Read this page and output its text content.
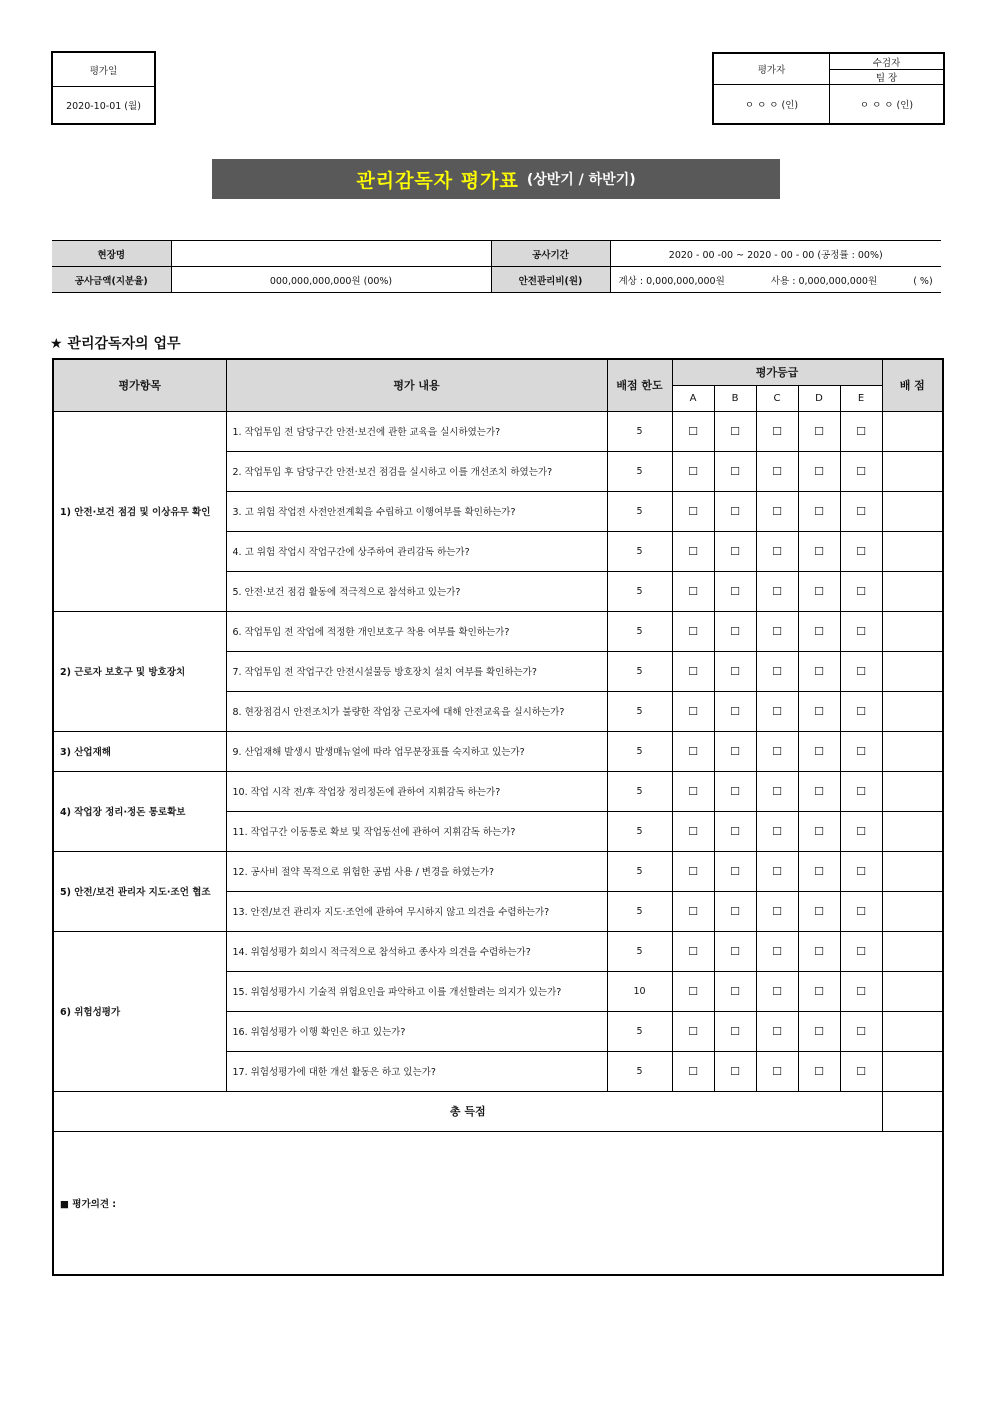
평가일
2020-10-01 (월)
평가자	수검자
	팀 장
ㅇ ㅇ ㅇ (인)	ㅇ ㅇ ㅇ (인)
관리감독자 평가표 (상반기 / 하반기)
현장명		공사기간	2020 - 00 -00 ~ 2020 - 00 - 00 (공정률 : 00%)
공사금액(지분율)	000,000,000,000원 (00%)	안전관리비(원)	계상 : 0,000,000,000원 사용 : 0,000,000,000원 ( %)
★ 관리감독자의 업무
평가항목	평가 내용	배점 한도	평가등급					배 점
			A	B	C	D	E	
1) 안전·보건 점검 및 이상유무 확인	1. 작업투입 전 담당구간 안전·보건에 관한 교육을 실시하였는가?	5	☐	☐	☐	☐	☐	
	2. 작업투입 후 담당구간 안전·보건 점검을 실시하고 이를 개선조치 하였는가?	5	☐	☐	☐	☐	☐	
	3. 고 위험 작업전 사전안전계획을 수립하고 이행여부를 확인하는가?	5	☐	☐	☐	☐	☐	
	4. 고 위험 작업시 작업구간에 상주하여 관리감독 하는가?	5	☐	☐	☐	☐	☐	
	5. 안전·보건 점검 활동에 적극적으로 참석하고 있는가?	5	☐	☐	☐	☐	☐	
2) 근로자 보호구 및 방호장치	6. 작업투입 전 작업에 적정한 개인보호구 착용 여부를 확인하는가?	5	☐	☐	☐	☐	☐	
	7. 작업투입 전 작업구간 안전시설물등 방호장치 설치 여부를 확인하는가?	5	☐	☐	☐	☐	☐	
	8. 현장점검시 안전조치가 불량한 작업장 근로자에 대해 안전교육을 실시하는가?	5	☐	☐	☐	☐	☐	
3) 산업재해	9. 산업재해 발생시 발생매뉴얼에 따라 업무분장표를 숙지하고 있는가?	5	☐	☐	☐	☐	☐	
4) 작업장 정리·정돈 통로확보	10. 작업 시작 전/후 작업장 정리정돈에 관하여 지휘감독 하는가?	5	☐	☐	☐	☐	☐	
	11. 작업구간 이동통로 확보 및 작업동선에 관하여 지휘감독 하는가?	5	☐	☐	☐	☐	☐	
5) 안전/보건 관리자 지도·조언 협조	12. 공사비 절약 목적으로 위험한 공법 사용 / 변경을 하였는가?	5	☐	☐	☐	☐	☐	
	13. 안전/보건 관리자 지도·조언에 관하여 무시하지 않고 의견을 수렴하는가?	5	☐	☐	☐	☐	☐	
6) 위험성평가	14. 위험성평가 회의시 적극적으로 참석하고 종사자 의견을 수렴하는가?	5	☐	☐	☐	☐	☐	
	15. 위험성평가시 기술적 위험요인을 파악하고 이를 개선할려는 의지가 있는가?	10	☐	☐	☐	☐	☐	
	16. 위험성평가 이행 확인은 하고 있는가?	5	☐	☐	☐	☐	☐	
	17. 위험성평가에 대한 개선 활동은 하고 있는가?	5	☐	☐	☐	☐	☐	
총 득점								
■ 평가의견 :								
